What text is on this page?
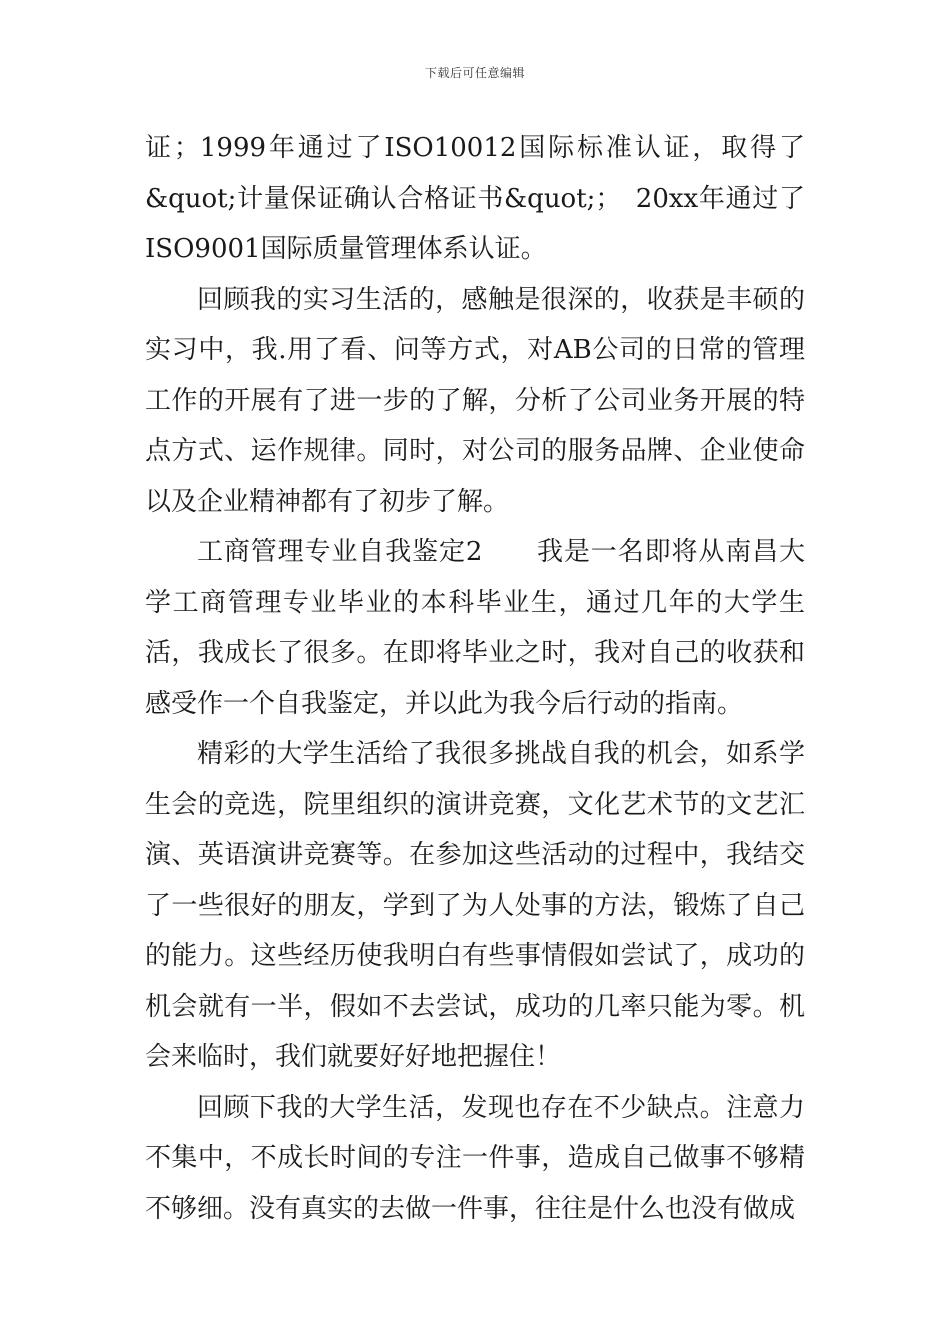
下载后可任意编辑

证；1999年通过了ISO10012国际标准认证，取得了&quot;计量保证确认合格证书&quot;；　20xx年通过了ISO9001国际质量管理体系认证。

回顾我的实习生活的，感触是很深的，收获是丰硕的实习中，我.用了看、问等方式，对AB公司的日常的管理工作的开展有了进一步的了解，分析了公司业务开展的特点方式、运作规律。同时，对公司的服务品牌、企业使命以及企业精神都有了初步了解。

工商管理专业自我鉴定2　　我是一名即将从南昌大学工商管理专业毕业的本科毕业生，通过几年的大学生活，我成长了很多。在即将毕业之时，我对自己的收获和感受作一个自我鉴定，并以此为我今后行动的指南。

精彩的大学生活给了我很多挑战自我的机会，如系学生会的竞选，院里组织的演讲竞赛，文化艺术节的文艺汇演、英语演讲竞赛等。在参加这些活动的过程中，我结交了一些很好的朋友，学到了为人处事的方法，锻炼了自己的能力。这些经历使我明白有些事情假如尝试了，成功的机会就有一半，假如不去尝试，成功的几率只能为零。机会来临时，我们就要好好地把握住！

回顾下我的大学生活，发现也存在不少缺点。注意力不集中，不成长时间的专注一件事，造成自己做事不够精不够细。没有真实的去做一件事，往往是什么也没有做成
